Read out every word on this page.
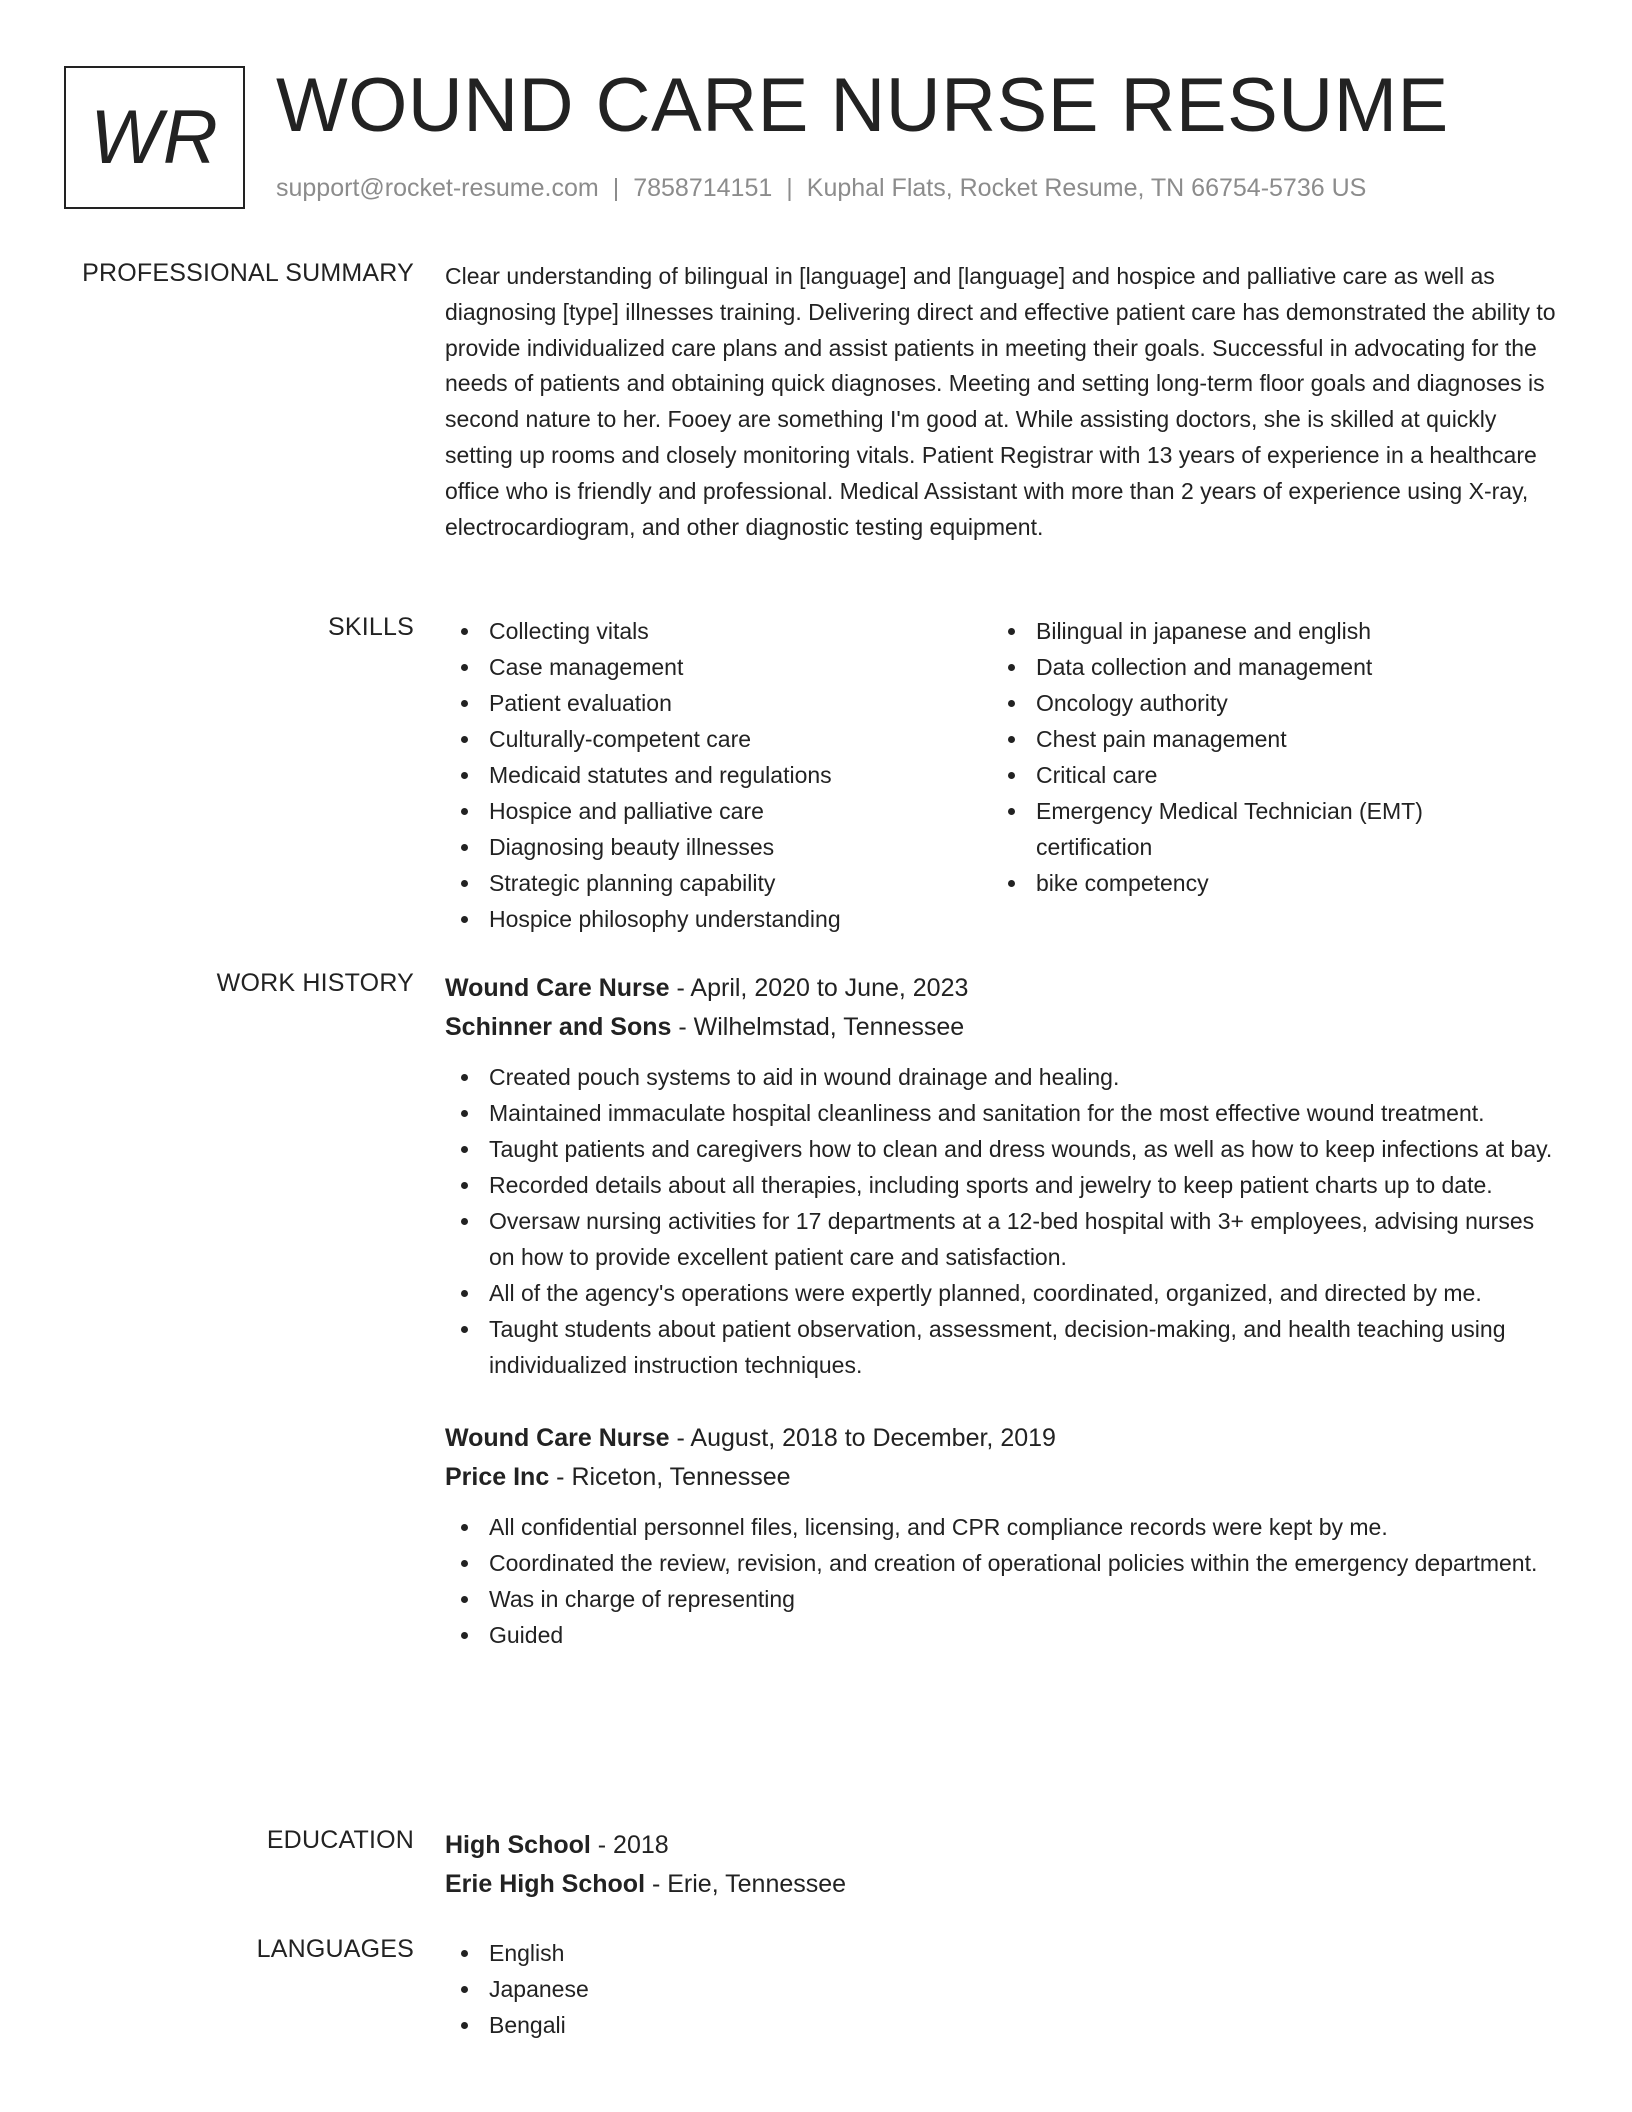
WR WOUND CARE NURSE RESUME
support@rocket-resume.com | 7858714151 | Kuphal Flats, Rocket Resume, TN 66754-5736 US
PROFESSIONAL SUMMARY Clear understanding of bilingual in [language] and [language] and hospice and palliative care as well as diagnosing [type] illnesses training. Delivering direct and effective patient care has demonstrated the ability to provide individualized care plans and assist patients in meeting their goals. Successful in advocating for the needs of patients and obtaining quick diagnoses. Meeting and setting long-term floor goals and diagnoses is second nature to her. Fooey are something I'm good at. While assisting doctors, she is skilled at quickly setting up rooms and closely monitoring vitals. Patient Registrar with 13 years of experience in a healthcare office who is friendly and professional. Medical Assistant with more than 2 years of experience using X-ray, electrocardiogram, and other diagnostic testing equipment.

SKILLS	Collecting vitals
Case management
Patient evaluation
Culturally-competent care
Medicaid statutes and regulations
Hospice and palliative care
Diagnosing beauty illnesses
Strategic planning capability
Hospice philosophy understanding
Bilingual in japanese and english
Data collection and management
Oncology authority
Chest pain management
Critical care
Emergency Medical Technician (EMT) certification
bike competency
WORK HISTORY Wound Care Nurse - April, 2020 to June, 2023
Schinner and Sons - Wilhelmstad, Tennessee
Created pouch systems to aid in wound drainage and healing.
Maintained immaculate hospital cleanliness and sanitation for the most effective wound treatment.
Taught patients and caregivers how to clean and dress wounds, as well as how to keep infections at bay.
Recorded details about all therapies, including sports and jewelry to keep patient charts up to date.
Oversaw nursing activities for 17 departments at a 12-bed hospital with 3+ employees, advising nurses on how to provide excellent patient care and satisfaction.
All of the agency's operations were expertly planned, coordinated, organized, and directed by me.
Taught students about patient observation, assessment, decision-making, and health teaching using individualized instruction techniques.
Wound Care Nurse - August, 2018 to December, 2019
Price Inc - Riceton, Tennessee
All confidential personnel files, licensing, and CPR compliance records were kept by me.
Coordinated the review, revision, and creation of operational policies within the emergency department.
Was in charge of representing
Guided
EDUCATION High School - 2018
Erie High School - Erie, Tennessee
LANGUAGES	English
Japanese
Bengali
